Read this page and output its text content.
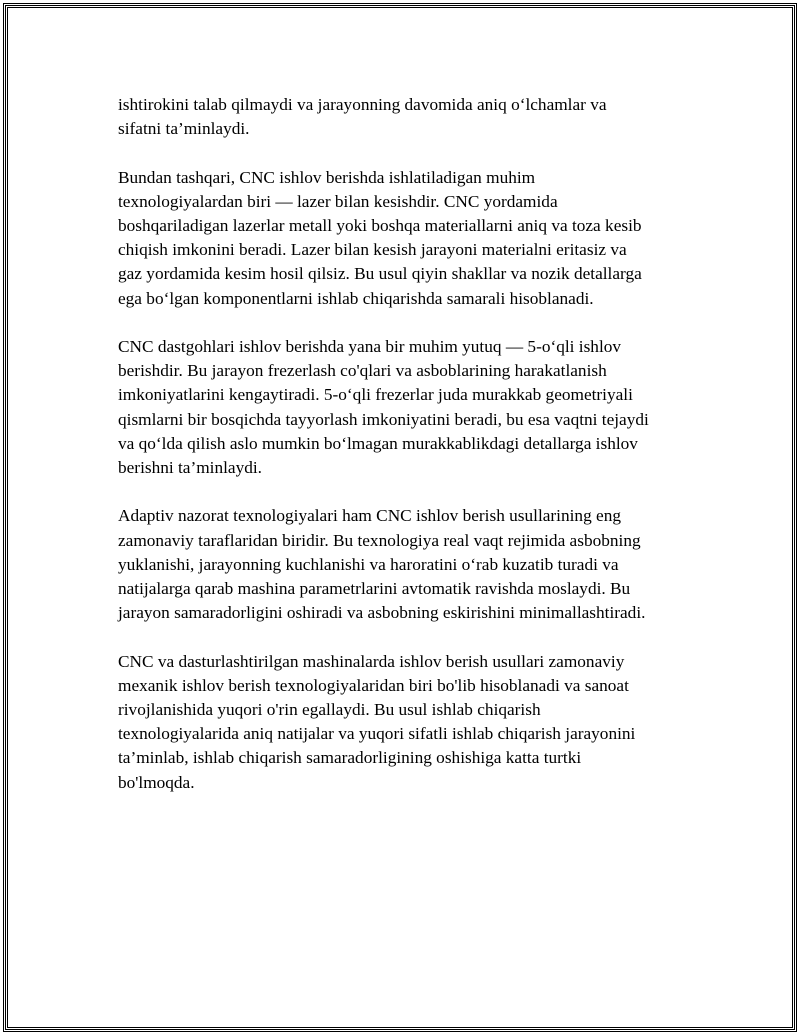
ishtirokini talab qilmaydi va jarayonning davomida aniq o‘lchamlar va
sifatni ta’minlaydi.

Bundan tashqari, CNC ishlov berishda ishlatiladigan muhim
texnologiyalardan biri — lazer bilan kesishdir. CNC yordamida
boshqariladigan lazerlar metall yoki boshqa materiallarni aniq va toza kesib
chiqish imkonini beradi. Lazer bilan kesish jarayoni materialni eritasiz va
gaz yordamida kesim hosil qilsiz. Bu usul qiyin shakllar va nozik detallarga
ega bo‘lgan komponentlarni ishlab chiqarishda samarali hisoblanadi.

CNC dastgohlari ishlov berishda yana bir muhim yutuq — 5-o‘qli ishlov
berishdir. Bu jarayon frezerlash co'qlari va asboblarining harakatlanish
imkoniyatlarini kengaytiradi. 5-o‘qli frezerlar juda murakkab geometriyali
qismlarni bir bosqichda tayyorlash imkoniyatini beradi, bu esa vaqtni tejaydi
va qo‘lda qilish aslo mumkin bo‘lmagan murakkablikdagi detallarga ishlov
berishni ta’minlaydi.

Adaptiv nazorat texnologiyalari ham CNC ishlov berish usullarining eng
zamonaviy taraflaridan biridir. Bu texnologiya real vaqt rejimida asbobning
yuklanishi, jarayonning kuchlanishi va haroratini o‘rab kuzatib turadi va
natijalarga qarab mashina parametrlarini avtomatik ravishda moslaydi. Bu
jarayon samaradorligini oshiradi va asbobning eskirishini minimallashtiradi.

CNC va dasturlashtirilgan mashinalarda ishlov berish usullari zamonaviy
mexanik ishlov berish texnologiyalaridan biri bo'lib hisoblanadi va sanoat
rivojlanishida yuqori o'rin egallaydi. Bu usul ishlab chiqarish
texnologiyalarida aniq natijalar va yuqori sifatli ishlab chiqarish jarayonini
ta’minlab, ishlab chiqarish samaradorligining oshishiga katta turtki
bo'lmoqda.
